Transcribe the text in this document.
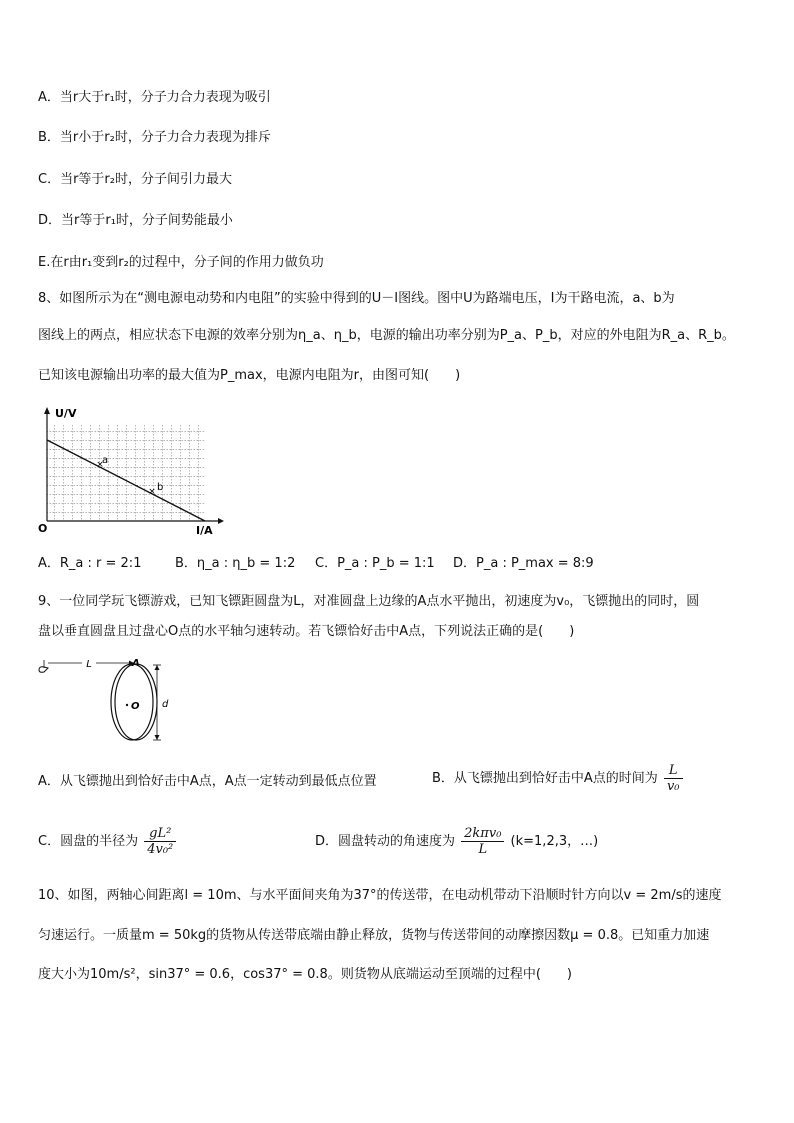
A．当r大于r₁时，分子力合力表现为吸引
B．当r小于r₂时，分子力合力表现为排斥
C．当r等于r₂时，分子间引力最大
D．当r等于r₁时，分子间势能最小
E.在r由r₁变到r₂的过程中，分子间的作用力做负功
8、如图所示为在“测电源电动势和内电阻”的实验中得到的U－I图线。图中U为路端电压，I为干路电流，a、b为
图线上的两点，相应状态下电源的效率分别为η_a、η_b，电源的输出功率分别为P_a、P_b，对应的外电阻为R_a、R_b。
已知该电源输出功率的最大值为P_max，电源内电阻为r，由图可知(　　)
×
×
a
b
U/V
O	I/A
A．R_a : r = 2:1	B．η_a : η_b = 1:2 C．P_a : P_b = 1:1 D．P_a : P_max = 8:9
9、一位同学玩飞镖游戏，已知飞镖距圆盘为L，对准圆盘上边缘的A点水平抛出，初速度为v₀，飞镖抛出的同时，圆
盘以垂直圆盘且过盘心O点的水平轴匀速转动。若飞镖恰好击中A点，下列说法正确的是(　　)
L	A
O d
A．从飞镖抛出到恰好击中A点，A点一定转动到最低点位置	B．从飞镖抛出到恰好击中A点的时间为 $\frac{L}{\text{v₀}}$
C．圆盘的半径为 $\frac{\text{gL²}}{\text{4v₀²}}$	D．圆盘转动的角速度为 $\frac{\text{2kπv₀}}{L} (k=1,2,3$，…)
10、如图，两轴心间距离l = 10m、与水平面间夹角为37°的传送带，在电动机带动下沿顺时针方向以v = 2m/s的速度
匀速运行。一质量m = 50kg的货物从传送带底端由静止释放，货物与传送带间的动摩擦因数μ = 0.8。已知重力加速
度大小为10m/s²，sin37° = 0.6，cos37° = 0.8。则货物从底端运动至顶端的过程中(　　)
